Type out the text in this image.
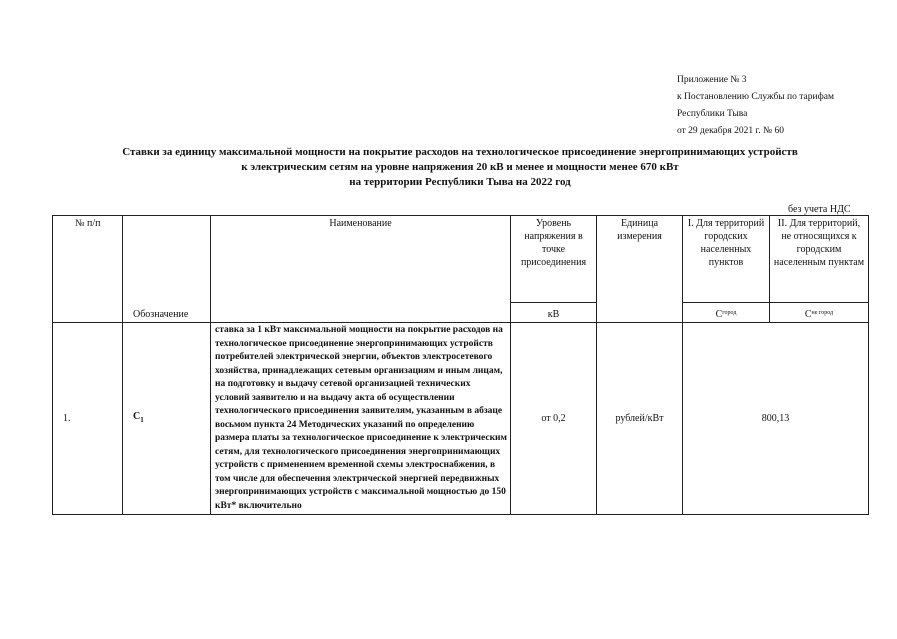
Приложение № 3
к Постановлению Службы по тарифам
Республики Тыва
от 29 декабря 2021 г. № 60
Ставки за единицу максимальной мощности на покрытие расходов на технологическое присоединение энергопринимающих устройств
к электрическим сетям на уровне напряжения 20 кВ и менее и мощности менее 670 кВт
на территории Республики Тыва на 2022 год
без учета НДС
№ п/п	Обозначение	Наименование	Уровень напряжения в точке присоединения	Единица измерения	I. Для территорий городских населенных пунктов	II. Для территорий, не относящихся к городским населенным пунктам
			кВ		$C^{город}$	$C^{не город}$
1.	$C_1$	ставка за 1 кВт максимальной мощности на покрытие расходов на технологическое присоединение энергопринимающих устройств потребителей электрической энергии, объектов электросетевого хозяйства, принадлежащих сетевым организациям и иным лицам, на подготовку и выдачу сетевой организацией технических условий заявителю и на выдачу акта об осуществлении технологического присоединения заявителям, указанным в абзаце восьмом пункта 24 Методических указаний по определению размера платы за технологическое присоединение к электрическим сетям, для технологического присоединения энергопринимающих устройств с применением временной схемы электроснабжения, в том числе для обеспечения электрической энергией передвижных энергопринимающих устройств с максимальной мощностью до 150 кВт* включительно	от 0,2	рублей/кВт	800,13	
